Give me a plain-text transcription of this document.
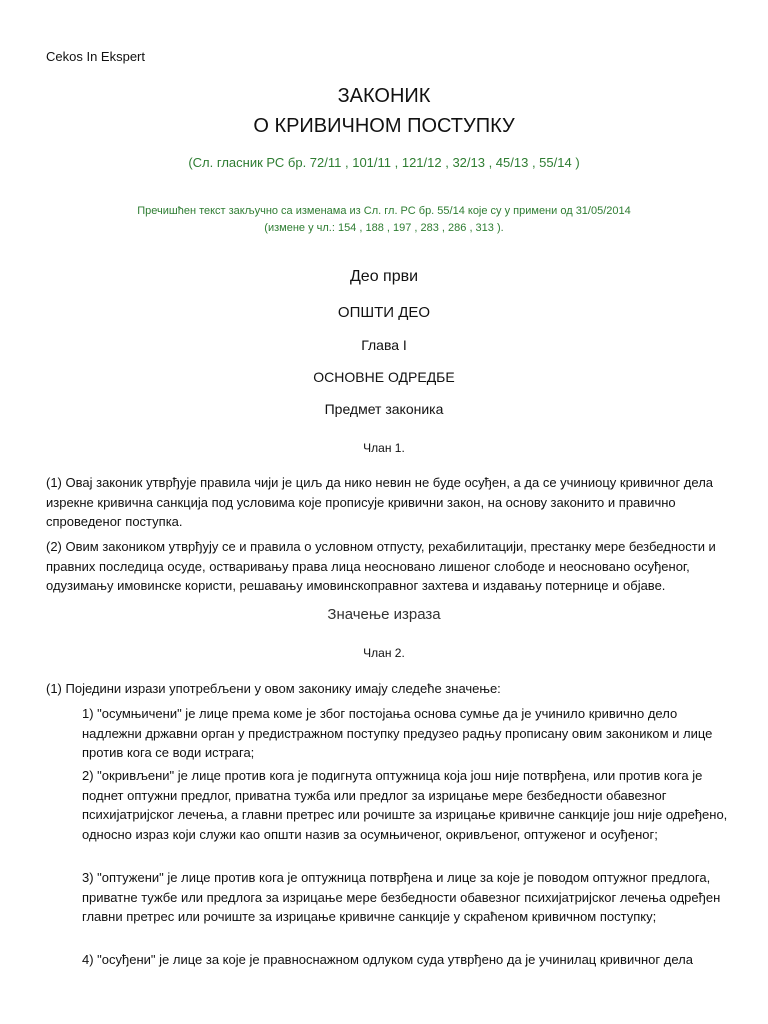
Cekos In Ekspert
ЗАКОНИК
О КРИВИЧНОМ ПОСТУПКУ
(Сл. гласник РС бр. 72/11 , 101/11 , 121/12 , 32/13 , 45/13 , 55/14 )
Пречишћен текст закључно са изменама из Сл. гл. РС бр. 55/14 које су у примени од 31/05/2014
(измене у чл.: 154 , 188 , 197 , 283 , 286 , 313 ).
Део први
ОПШТИ ДЕО
Глава I
ОСНОВНЕ ОДРЕДБЕ
Предмет законика
Члан 1.
(1) Овај законик утврђује правила чији је циљ да нико невин не буде осуђен, а да се учиниоцу кривичног дела изрекне кривична санкција под условима које прописује кривични закон, на основу законито и правично спроведеног поступка.
(2) Овим закоником утврђују се и правила о условном отпусту, рехабилитацији, престанку мере безбедности и правних последица осуде, остваривању права лица неосновано лишеног слободе и неосновано осуђеног, одузимању имовинске користи, решавању имовинскоправног захтева и издавању потернице и објаве.
Значење израза
Члан 2.
(1) Поједини изрази употребљени у овом законику имају следеће значење:
1) "осумњичени" је лице према коме је због постојања основа сумње да је учинило кривично дело надлежни државни орган у предистражном поступку предузео радњу прописану овим закоником и лице против кога се води истрага;
2) "окривљени" је лице против кога је подигнута оптужница која још није потврђена, или против кога је поднет оптужни предлог, приватна тужба или предлог за изрицање мере безбедности обавезног психијатријског лечења, а главни претрес или рочиште за изрицање кривичне санкције још није одређено, односно израз који служи као општи назив за осумњиченог, окривљеног, оптуженог и осуђеног;
3) "оптужени" је лице против кога је оптужница потврђена и лице за које је поводом оптужног предлога, приватне тужбе или предлога за изрицање мере безбедности обавезног психијатријског лечења одређен главни претрес или рочиште за изрицање кривичне санкције у скраћеном кривичном поступку;
4) "осуђени" је лице за које је правноснажном одлуком суда утврђено да је учинилац кривичног дела
